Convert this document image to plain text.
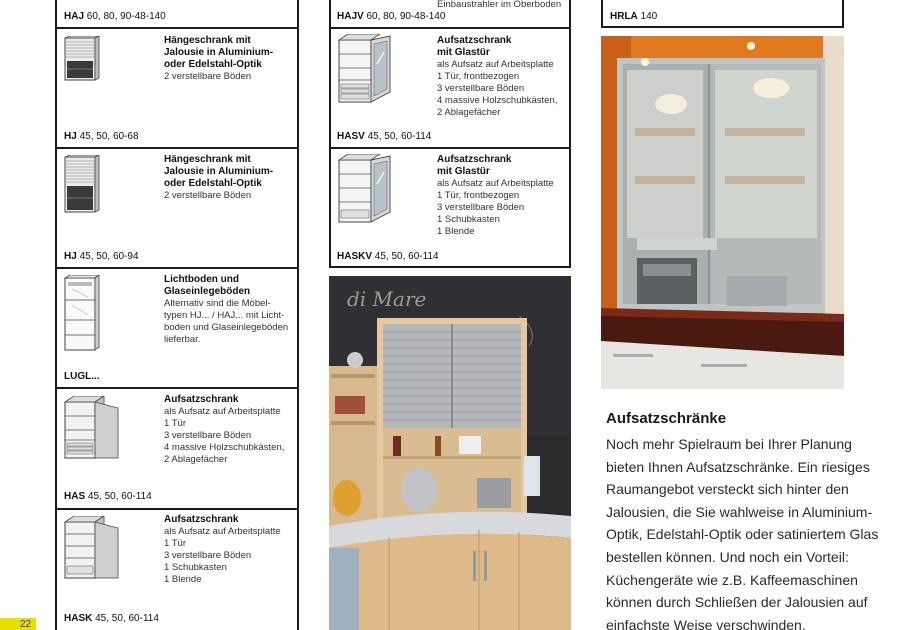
HAJ 60, 80, 90-48-140
Hängeschrank mit
Jalousie in Aluminium-
oder Edelstahl-Optik
2 verstellbare Böden
HJ 45, 50, 60-68
Hängeschrank mit
Jalousie in Aluminium-
oder Edelstahl-Optik
2 verstellbare Böden
HJ 45, 50, 60-94
Lichtboden und
Glaseinlegeböden
Alternativ sind die Möbel-
typen HJ... / HAJ... mit Licht-
boden und Glaseinlegeböden
lieferbar.
LUGL...
Aufsatzschrank
als Aufsatz auf Arbeitsplatte
1 Tür
3 verstellbare Böden
4 massive Holzschubkästen,
2 Ablagefächer
HAS 45, 50, 60-114
Aufsatzschrank
als Aufsatz auf Arbeitsplatte
1 Tür
3 verstellbare Böden
1 Schubkasten
1 Blende
HASK 45, 50, 60-114
Einbaustrahler im Oberboden
HAJV 60, 80, 90-48-140
Aufsatzschrank
mit Glastür
als Aufsatz auf Arbeitsplatte
1 Tür, frontbezogen
3 verstellbare Böden
4 massive Holzschubkästen,
2 Ablagefächer
HASV 45, 50, 60-114
Aufsatzschrank
mit Glastür
als Aufsatz auf Arbeitsplatte
1 Tür, frontbezogen
3 verstellbare Böden
1 Schubkasten
1 Blende
HASKV 45, 50, 60-114
di Mare
HRLA 140
Aufsatzschränke
Noch mehr Spielraum bei Ihrer Planung
bieten Ihnen Aufsatzschränke. Ein riesiges
Raumangebot versteckt sich hinter den
Jalousien, die Sie wahlweise in Aluminium-
Optik, Edelstahl-Optik oder satiniertem Glas
bestellen können. Und noch ein Vorteil:
Küchengeräte wie z.B. Kaffeemaschinen
können durch Schließen der Jalousien auf
einfachste Weise verschwinden.
22
